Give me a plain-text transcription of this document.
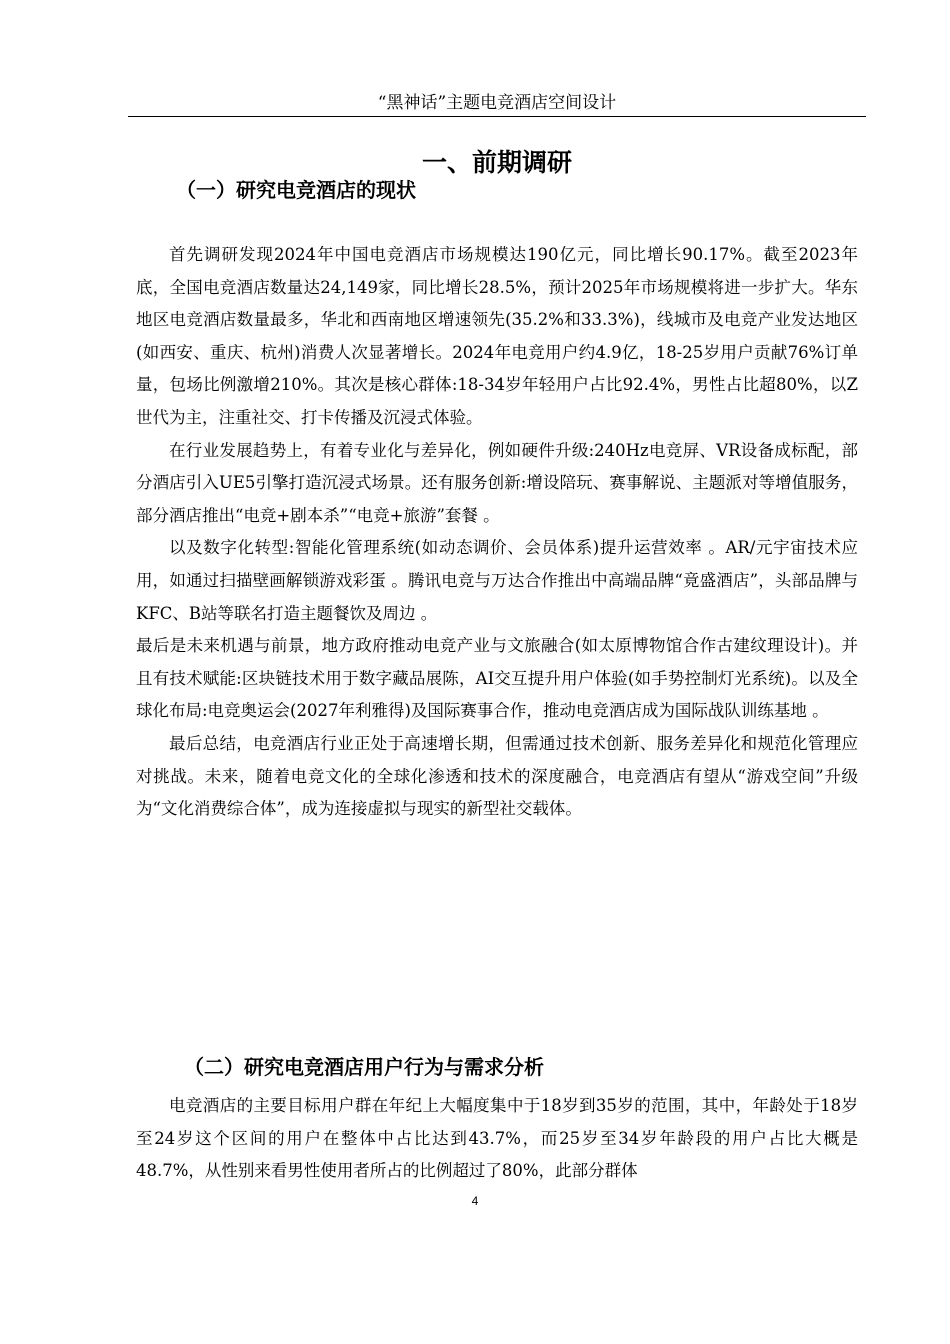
“黑神话”主题电竞酒店空间设计
一、前期调研
（一）研究电竞酒店的现状

首先调研发现2024年中国电竞酒店市场规模达190亿元，同比增长90.17%。截至2023年底，全国电竞酒店数量达24,149家，同比增长28.5%，预计2025年市场规模将进一步扩大。华东地区电竞酒店数量最多，华北和西南地区增速领先(35.2%和33.3%)，线城市及电竞产业发达地区(如西安、重庆、杭州)消费人次显著增长。2024年电竞用户约4.9亿，18-25岁用户贡献76%订单量，包场比例激增210%。其次是核心群体:18-34岁年轻用户占比92.4%，男性占比超80%，以Z世代为主，注重社交、打卡传播及沉浸式体验。

在行业发展趋势上，有着专业化与差异化，例如硬件升级:240Hz电竞屏、VR设备成标配，部分酒店引入UE5引擎打造沉浸式场景。还有服务创新:增设陪玩、赛事解说、主题派对等增值服务，部分酒店推出“电竞+剧本杀”“电竞+旅游”套餐 。

以及数字化转型:智能化管理系统(如动态调价、会员体系)提升运营效率 。AR/元宇宙技术应用，如通过扫描壁画解锁游戏彩蛋 。腾讯电竞与万达合作推出中高端品牌“竟盛酒店”，头部品牌与KFC、B站等联名打造主题餐饮及周边 。

最后是未来机遇与前景，地方政府推动电竞产业与文旅融合(如太原博物馆合作古建纹理设计)。并且有技术赋能:区块链技术用于数字藏品展陈，AI交互提升用户体验(如手势控制灯光系统)。以及全球化布局:电竞奥运会(2027年利雅得)及国际赛事合作，推动电竞酒店成为国际战队训练基地 。

最后总结，电竞酒店行业正处于高速增长期，但需通过技术创新、服务差异化和规范化管理应对挑战。未来，随着电竞文化的全球化渗透和技术的深度融合，电竞酒店有望从“游戏空间”升级为“文化消费综合体”，成为连接虚拟与现实的新型社交载体。

（二）研究电竞酒店用户行为与需求分析

电竞酒店的主要目标用户群在年纪上大幅度集中于18岁到35岁的范围，其中，年龄处于18岁至24岁这个区间的用户在整体中占比达到43.7%，而25岁至34岁年龄段的用户占比大概是48.7%，从性别来看男性使用者所占的比例超过了80%，此部分群体

4
